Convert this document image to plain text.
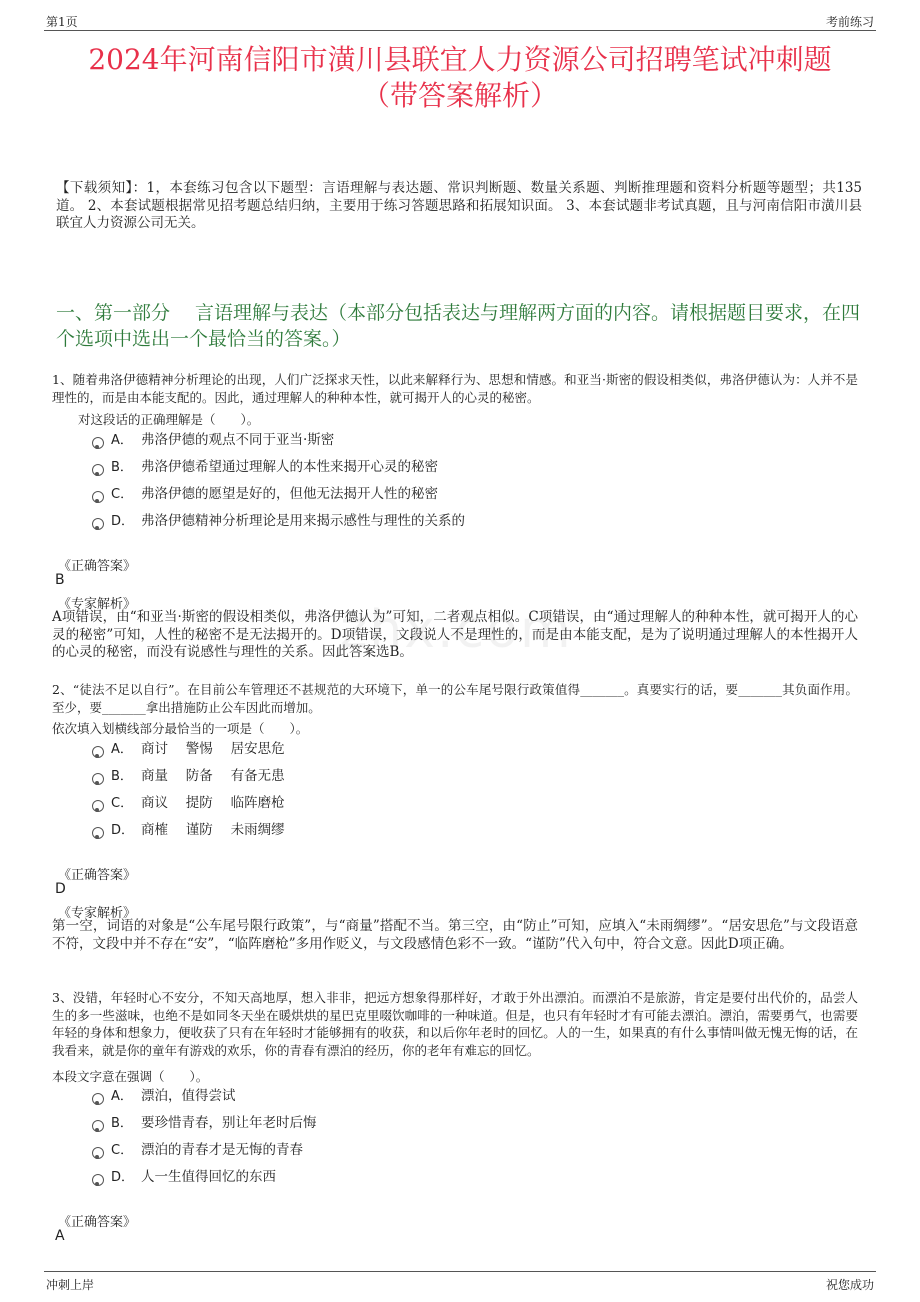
第1页	考前练习
2024年河南信阳市潢川县联宜人力资源公司招聘笔试冲刺题
（带答案解析）
【下载须知】：1，本套练习包含以下题型：言语理解与表达题、常识判断题、数量关系题、判断推理题和资料分析题等题型；共135道。 2、本套试题根据常见招考题总结归纳，主要用于练习答题思路和拓展知识面。 3、本套试题非考试真题，且与河南信阳市潢川县联宜人力资源公司无关。
一、第一部分　 言语理解与表达（本部分包括表达与理解两方面的内容。请根据题目要求，在四个选项中选出一个最恰当的答案。）
zhx.com
1、随着弗洛伊德精神分析理论的出现，人们广泛探求天性，以此来解释行为、思想和情感。和亚当·斯密的假设相类似，弗洛伊德认为：人并不是理性的，而是由本能支配的。因此，通过理解人的种种本性，就可揭开人的心灵的秘密。
对这段话的正确理解是（　　）。
A． 弗洛伊德的观点不同于亚当·斯密
B． 弗洛伊德希望通过理解人的本性来揭开心灵的秘密
C． 弗洛伊德的愿望是好的，但他无法揭开人性的秘密
D． 弗洛伊德精神分析理论是用来揭示感性与理性的关系的
《正确答案》
B
《专家解析》
A项错误，由“和亚当·斯密的假设相类似，弗洛伊德认为”可知，二者观点相似。C项错误，由“通过理解人的种种本性，就可揭开人的心灵的秘密”可知，人性的秘密不是无法揭开的。D项错误，文段说人不是理性的，而是由本能支配，是为了说明通过理解人的本性揭开人的心灵的秘密，而没有说感性与理性的关系。因此答案选B。
2、“徒法不足以自行”。在目前公车管理还不甚规范的大环境下，单一的公车尾号限行政策值得_______。真要实行的话，要_______其负面作用。至少，要_______拿出措施防止公车因此而增加。
依次填入划横线部分最恰当的一项是（　　）。
A． 商讨　 警惕　 居安思危
B． 商量　 防备　 有备无患
C． 商议　 提防　 临阵磨枪
D． 商榷　 谨防　 未雨绸缪
《正确答案》
D
《专家解析》
第一空，词语的对象是“公车尾号限行政策”，与“商量”搭配不当。第三空，由“防止”可知，应填入“未雨绸缪”。“居安思危”与文段语意不符，文段中并不存在“安”，“临阵磨枪”多用作贬义，与文段感情色彩不一致。“谨防”代入句中，符合文意。因此D项正确。
3、没错，年轻时心不安分，不知天高地厚，想入非非，把远方想象得那样好，才敢于外出漂泊。而漂泊不是旅游，肯定是要付出代价的，品尝人生的多一些滋味，也绝不是如同冬天坐在暖烘烘的星巴克里啜饮咖啡的一种味道。但是，也只有年轻时才有可能去漂泊。漂泊，需要勇气，也需要年轻的身体和想象力，便收获了只有在年轻时才能够拥有的收获，和以后你年老时的回忆。人的一生，如果真的有什么事情叫做无愧无悔的话，在我看来，就是你的童年有游戏的欢乐，你的青春有漂泊的经历，你的老年有难忘的回忆。
本段文字意在强调（　　）。
A． 漂泊，值得尝试
B． 要珍惜青春，别让年老时后悔
C． 漂泊的青春才是无悔的青春
D． 人一生值得回忆的东西
《正确答案》
A
冲刺上岸	祝您成功
